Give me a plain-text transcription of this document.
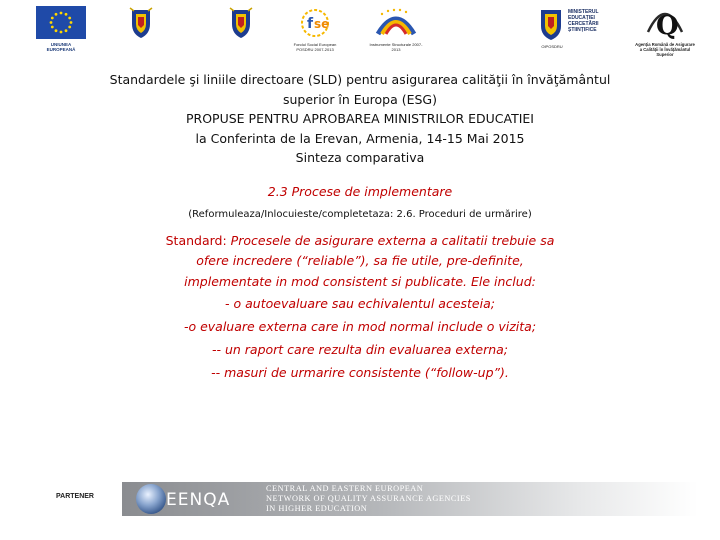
UNIUNEA EUROPEANĂ
f se
Fondul Social European POSDRU 2007-2013
Instrumente Structurale 2007-2013
MINISTERUL EDUCAȚIEI CERCETĂRII ȘTIINȚIFICE
OIPOSDRU
Q
Agenția Română de Asigurare a Calității în Învățământul Superior

Standardele şi liniile directoare (SLD) pentru asigurarea calităţii în învăţământul

superior în Europa (ESG)

PROPUSE PENTRU APROBAREA MINISTRILOR EDUCATIEI

la Conferinta de la Erevan, Armenia, 14-15 Mai 2015

Sinteza comparativa

2.3 Procese de implementare

(Reformuleaza/Inlocuieste/completetaza: 2.6. Proceduri de urmărire)

Standard: Procesele de asigurare externa a calitatii trebuie sa
ofere incredere (“reliable”), sa fie utile, pre-definite,
implementate in mod consistent si publicate. Ele includ:

- o autoevaluare sau echivalentul acesteia;

-o evaluare externa care in mod normal include o vizita;

-- un raport care rezulta din evaluarea externa;

-- masuri de urmarire consistente (“follow-up”).

PARTENER	EENQA
CENTRAL AND EASTERN EUROPEAN
NETWORK OF QUALITY ASSURANCE AGENCIES
IN HIGHER EDUCATION
